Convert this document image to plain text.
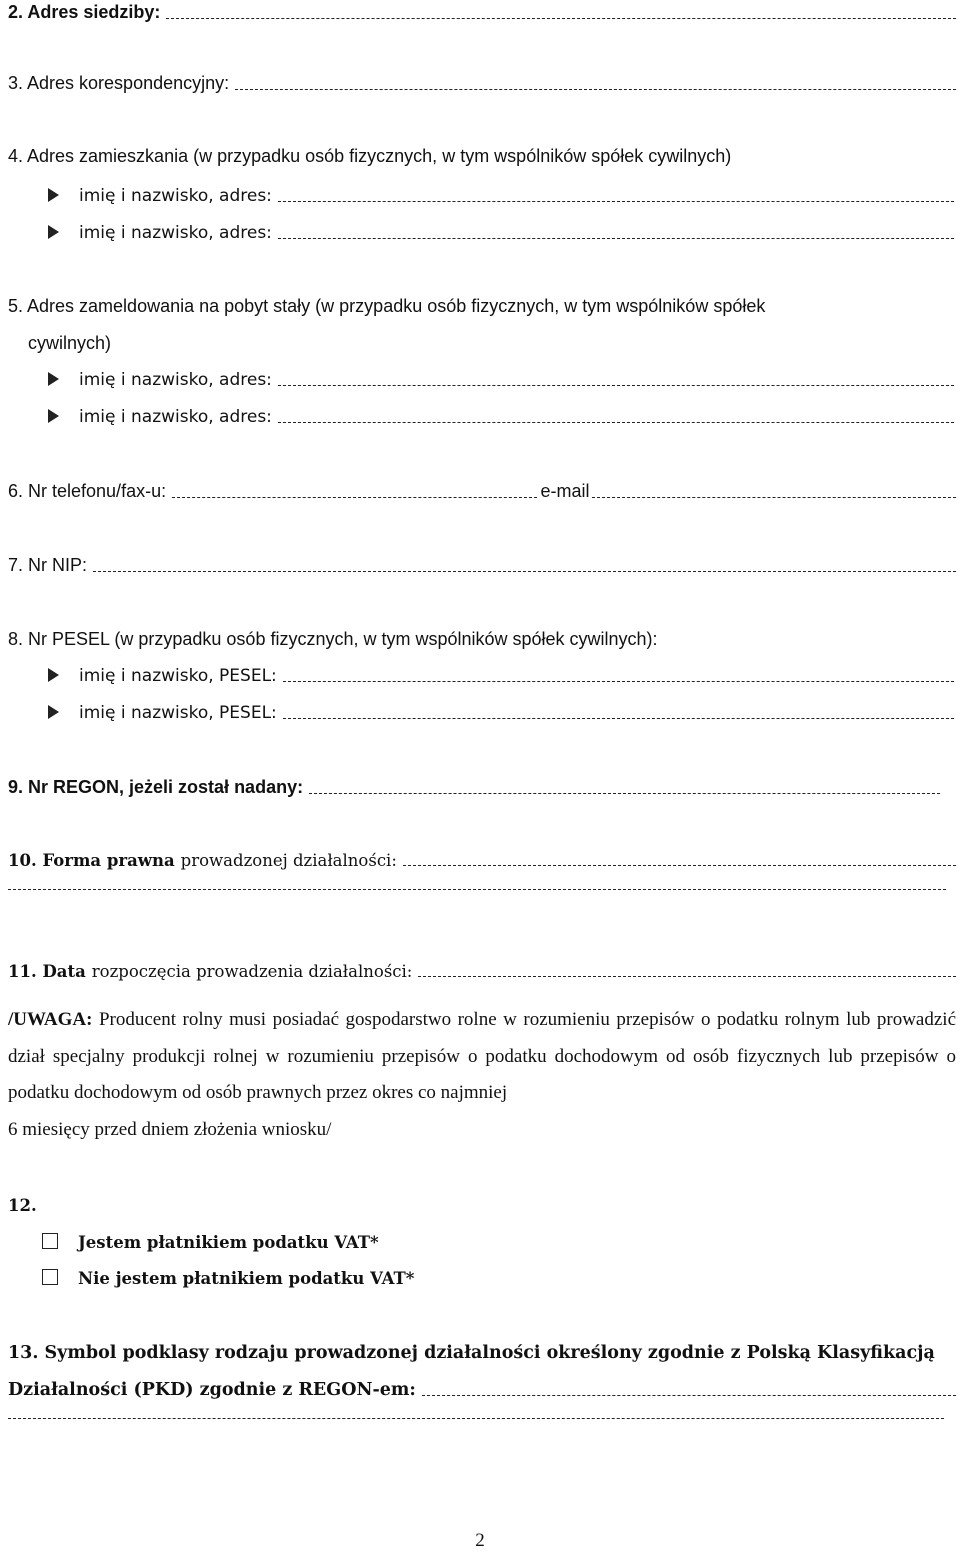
2. Adres siedziby:
3. Adres korespondencyjny:
4. Adres zamieszkania (w przypadku osób fizycznych, w tym wspólników spółek cywilnych)
imię i nazwisko, adres:
imię i nazwisko, adres:
5. Adres zameldowania na pobyt stały (w przypadku osób fizycznych, w tym wspólników spółek
cywilnych)
imię i nazwisko, adres:
imię i nazwisko, adres:
6. Nr telefonu/fax-u:	e-mail
7. Nr NIP:
8. Nr PESEL (w przypadku osób fizycznych, w tym wspólników spółek cywilnych):
imię i nazwisko, PESEL:
imię i nazwisko, PESEL:
9. Nr REGON, jeżeli został nadany:
10. Forma prawna prowadzonej działalności:
11. Data rozpoczęcia prowadzenia działalności:
/UWAGA: Producent rolny musi posiadać gospodarstwo rolne w rozumieniu przepisów o podatku rolnym lub prowadzić dział specjalny produkcji rolnej w rozumieniu przepisów o podatku dochodowym od osób fizycznych lub przepisów o podatku dochodowym od osób prawnych przez okres co najmniej
6 miesięcy przed dniem złożenia wniosku/
12.
Jestem płatnikiem podatku VAT*
Nie jestem płatnikiem podatku VAT*
13. Symbol podklasy rodzaju prowadzonej działalności określony zgodnie z Polską Klasyfikacją
Działalności (PKD) zgodnie z REGON-em:
2
